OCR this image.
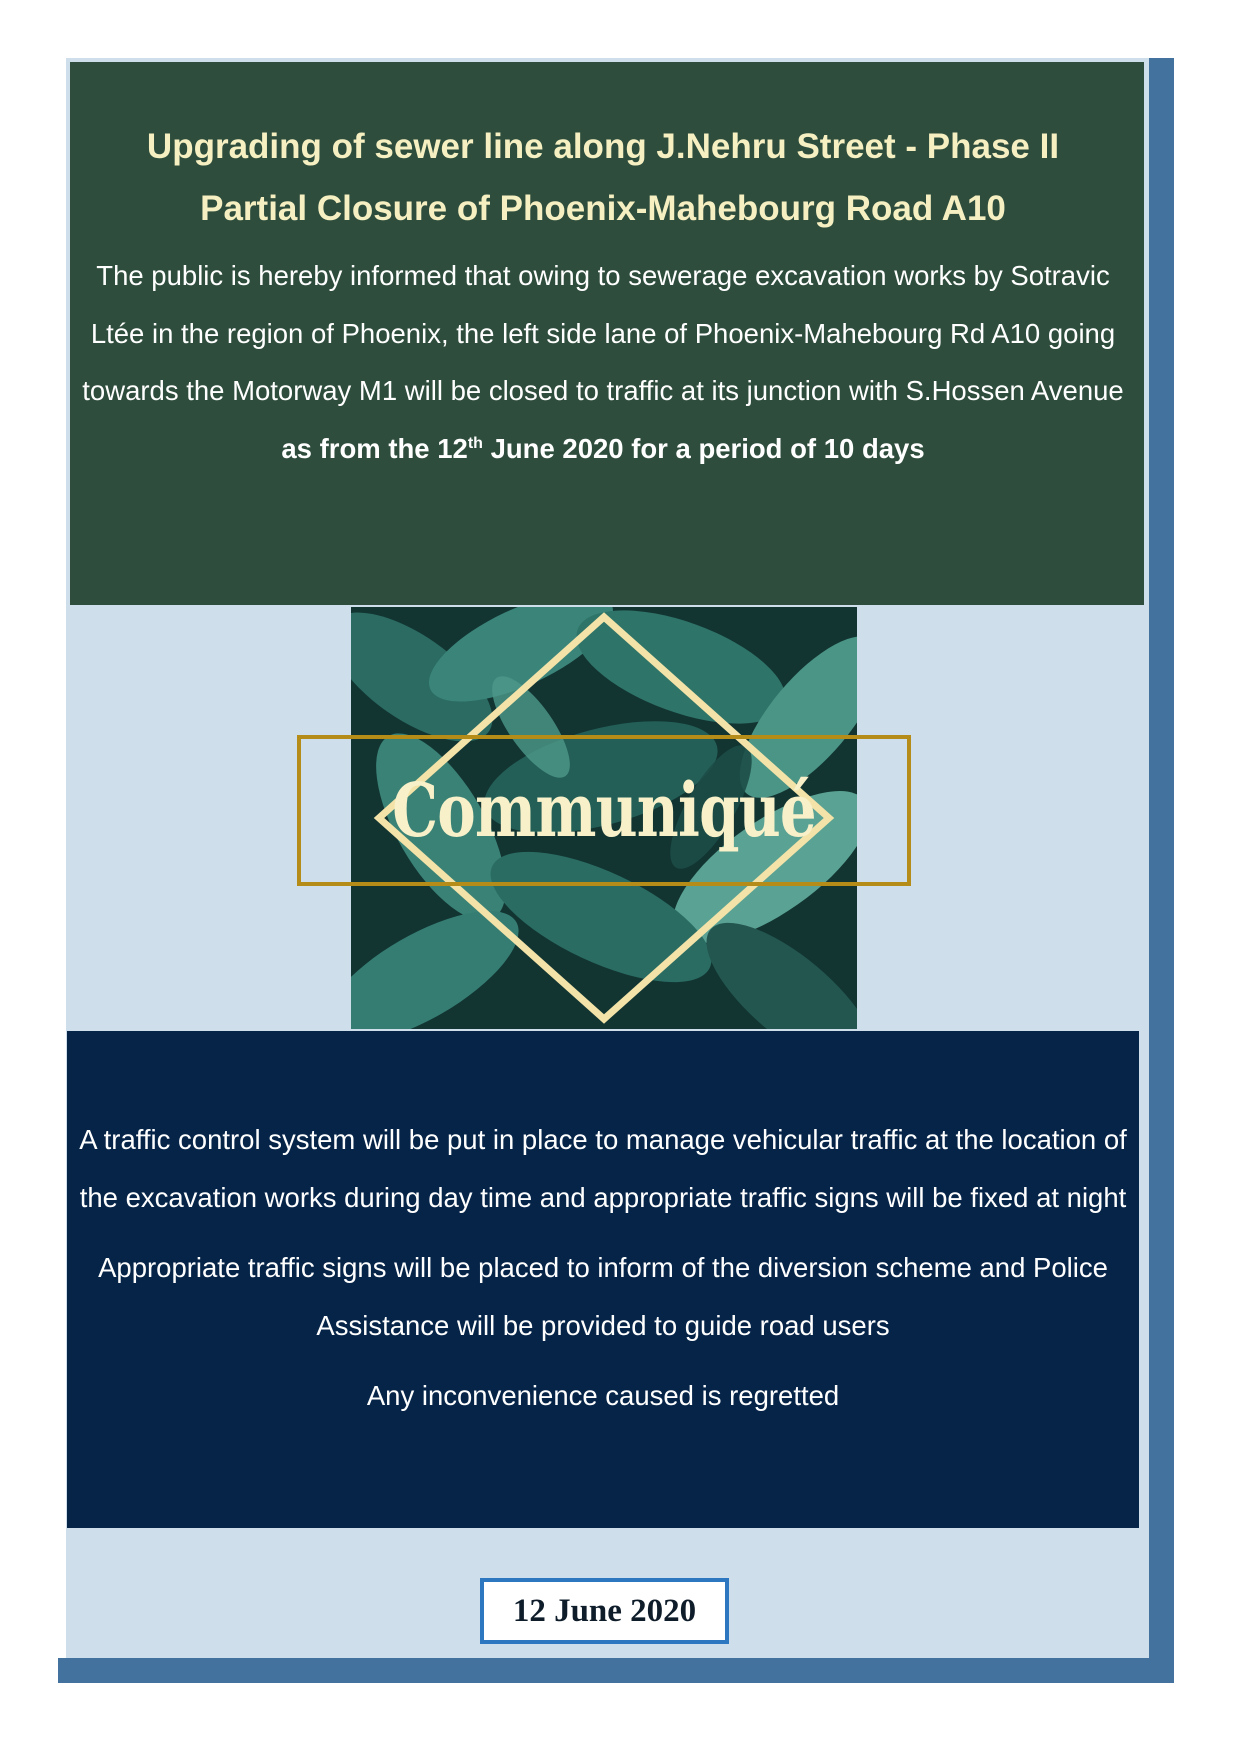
Upgrading of sewer line along J.Nehru Street - Phase II
Partial Closure of Phoenix-Mahebourg Road A10

The public is hereby informed that owing to sewerage excavation works by Sotravic Ltée in the region of Phoenix, the left side lane of Phoenix-Mahebourg Rd A10 going towards the Motorway M1 will be closed to traffic at its junction with S.Hossen Avenue as from the 12th June 2020 for a period of 10 days

Communiqué

A traffic control system will be put in place to manage vehicular traffic at the location of the excavation works during day time and appropriate traffic signs will be fixed at night

Appropriate traffic signs will be placed to inform of the diversion scheme and Police Assistance will be provided to guide road users

Any inconvenience caused is regretted

12 June 2020
